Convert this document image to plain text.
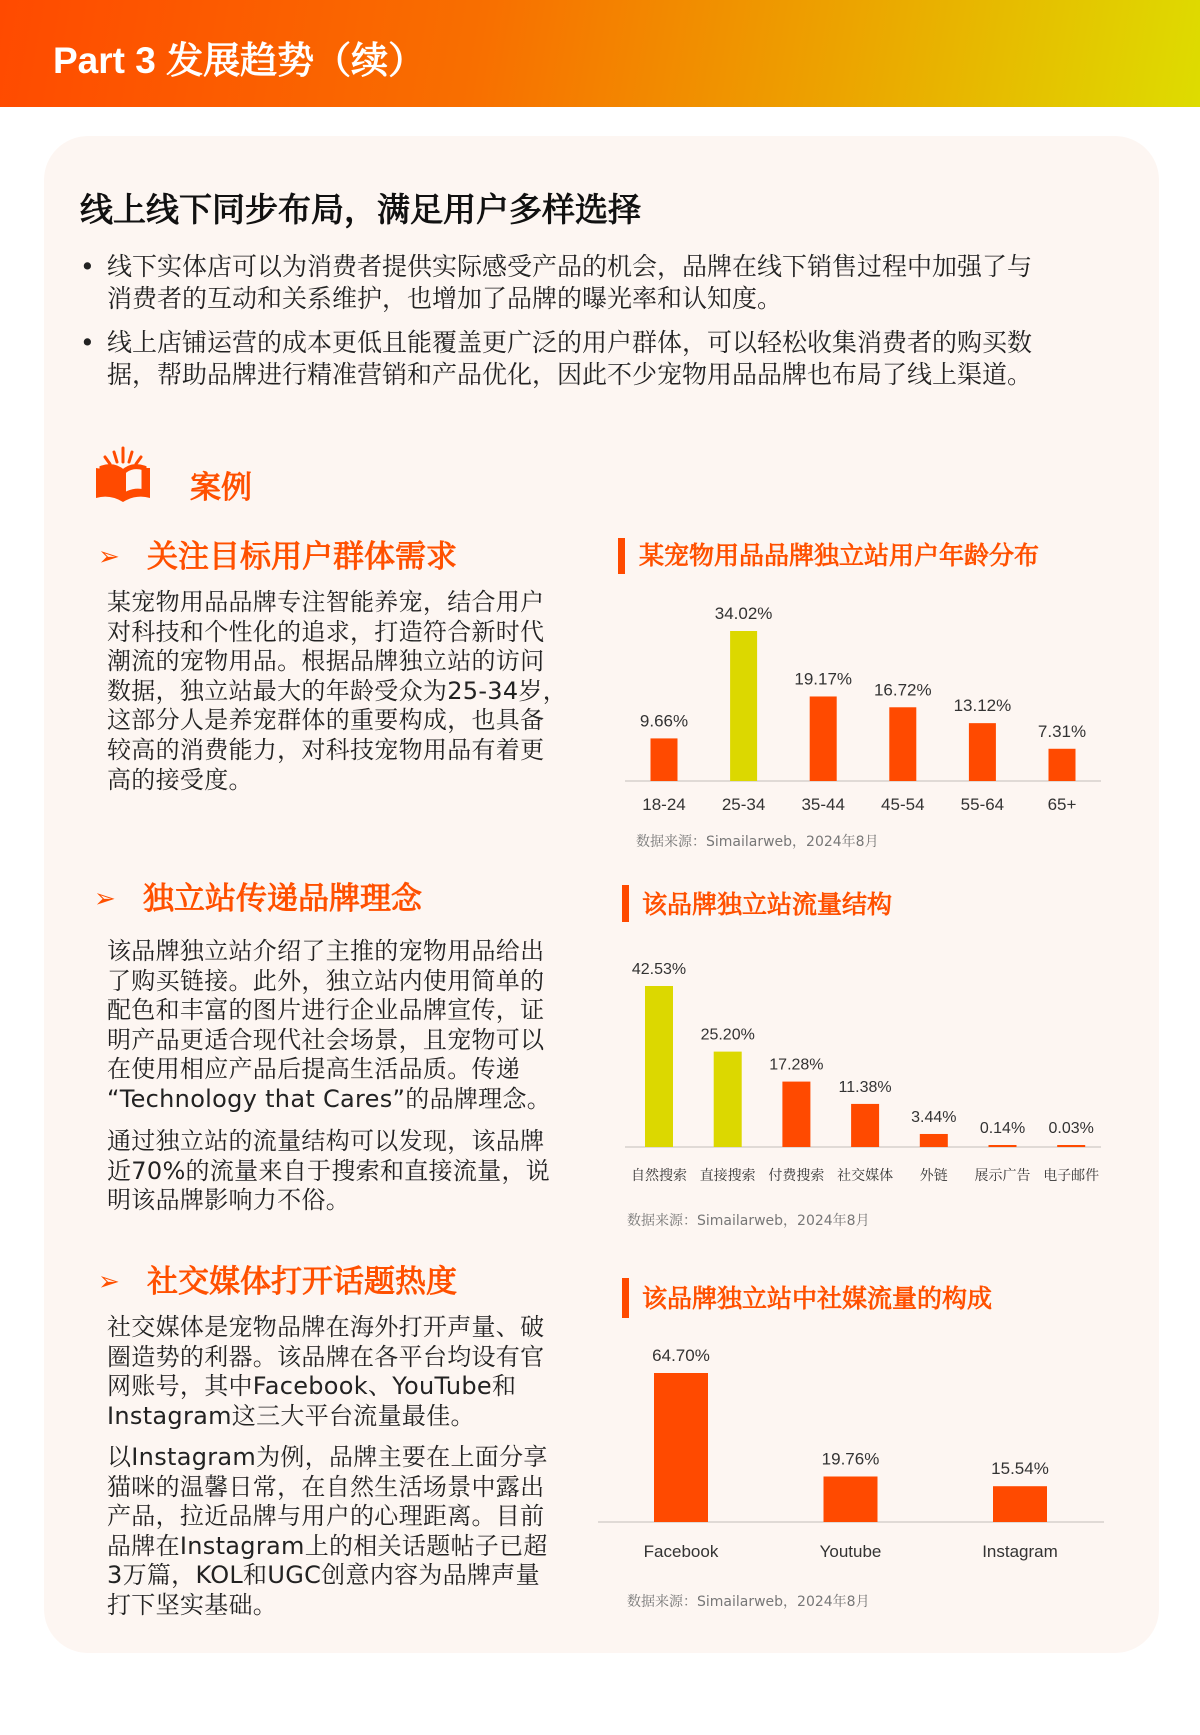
Part 3 发展趋势（续）
线上线下同步布局，满足用户多样选择
• 线下实体店可以为消费者提供实际感受产品的机会，品牌在线下销售过程中加强了与
消费者的互动和关系维护，也增加了品牌的曝光率和认知度。
• 线上店铺运营的成本更低且能覆盖更广泛的用户群体，可以轻松收集消费者的购买数
据，帮助品牌进行精准营销和产品优化，因此不少宠物用品品牌也布局了线上渠道。
案例
➢ 关注目标用户群体需求
某宠物用品品牌专注智能养宠，结合用户
对科技和个性化的追求，打造符合新时代
潮流的宠物用品。根据品牌独立站的访问
数据，独立站最大的年龄受众为25-34岁，
这部分人是养宠群体的重要构成，也具备
较高的消费能力，对科技宠物用品有着更
高的接受度。
➢ 独立站传递品牌理念
该品牌独立站介绍了主推的宠物用品给出
了购买链接。此外，独立站内使用简单的
配色和丰富的图片进行企业品牌宣传，证
明产品更适合现代社会场景，且宠物可以
在使用相应产品后提高生活品质。传递
“Technology that Cares”的品牌理念。
通过独立站的流量结构可以发现，该品牌
近70%的流量来自于搜索和直接流量，说
明该品牌影响力不俗。
➢ 社交媒体打开话题热度
社交媒体是宠物品牌在海外打开声量、破
圈造势的利器。该品牌在各平台均设有官
网账号，其中Facebook、YouTube和
Instagram这三大平台流量最佳。
以Instagram为例，品牌主要在上面分享
猫咪的温馨日常，在自然生活场景中露出
产品，拉近品牌与用户的心理距离。目前
品牌在Instagram上的相关话题帖子已超
3万篇，KOL和UGC创意内容为品牌声量
打下坚实基础。
某宠物用品品牌独立站用户年龄分布
数据来源：Simailarweb，2024年8月
该品牌独立站流量结构
数据来源：Simailarweb，2024年8月
该品牌独立站中社媒流量的构成
数据来源：Simailarweb，2024年8月
9.66%
18-24
34.02%
25-34
19.17%
35-44
16.72%
45-54
13.12%
55-64
7.31%
65+
42.53%
自然搜索
25.20%
直接搜索
17.28%
付费搜索
11.38%
社交媒体
3.44%
外链
0.14%
展示广告
0.03%
电子邮件
64.70%
Facebook
19.76%
Youtube
15.54%
Instagram
